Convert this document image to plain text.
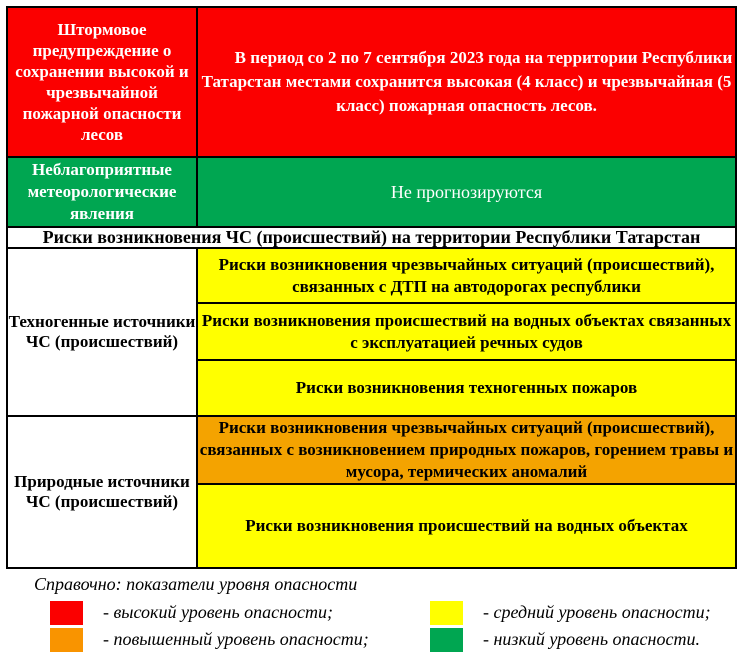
Штормовое предупреждение о сохранении высокой и чрезвычайной пожарной опасности лесов	В период со 2 по 7 сентября 2023 года на территории Республики Татарстан местами сохранится высокая (4 класс) и чрезвычайная (5 класс) пожарная опасность лесов.

Неблагоприятные метеорологические явления	Не прогнозируются
Риски возникновения ЧС (происшествий) на территории Республики Татарстан	
Техногенные источники ЧС (происшествий)	Риски возникновения чрезвычайных ситуаций (происшествий), связанных с ДТП на автодорогах республики
	Риски возникновения происшествий на водных объектах связанных с эксплуатацией речных судов
	Риски возникновения техногенных пожаров
Природные источники ЧС (происшествий)	Риски возникновения чрезвычайных ситуаций (происшествий), связанных с возникновением природных пожаров, горением травы и мусора, термических аномалий
	Риски возникновения происшествий на водных объектах
Справочно: показатели уровня опасности
- высокий уровень опасности;
- повышенный уровень опасности;
- средний уровень опасности;
- низкий уровень опасности.
